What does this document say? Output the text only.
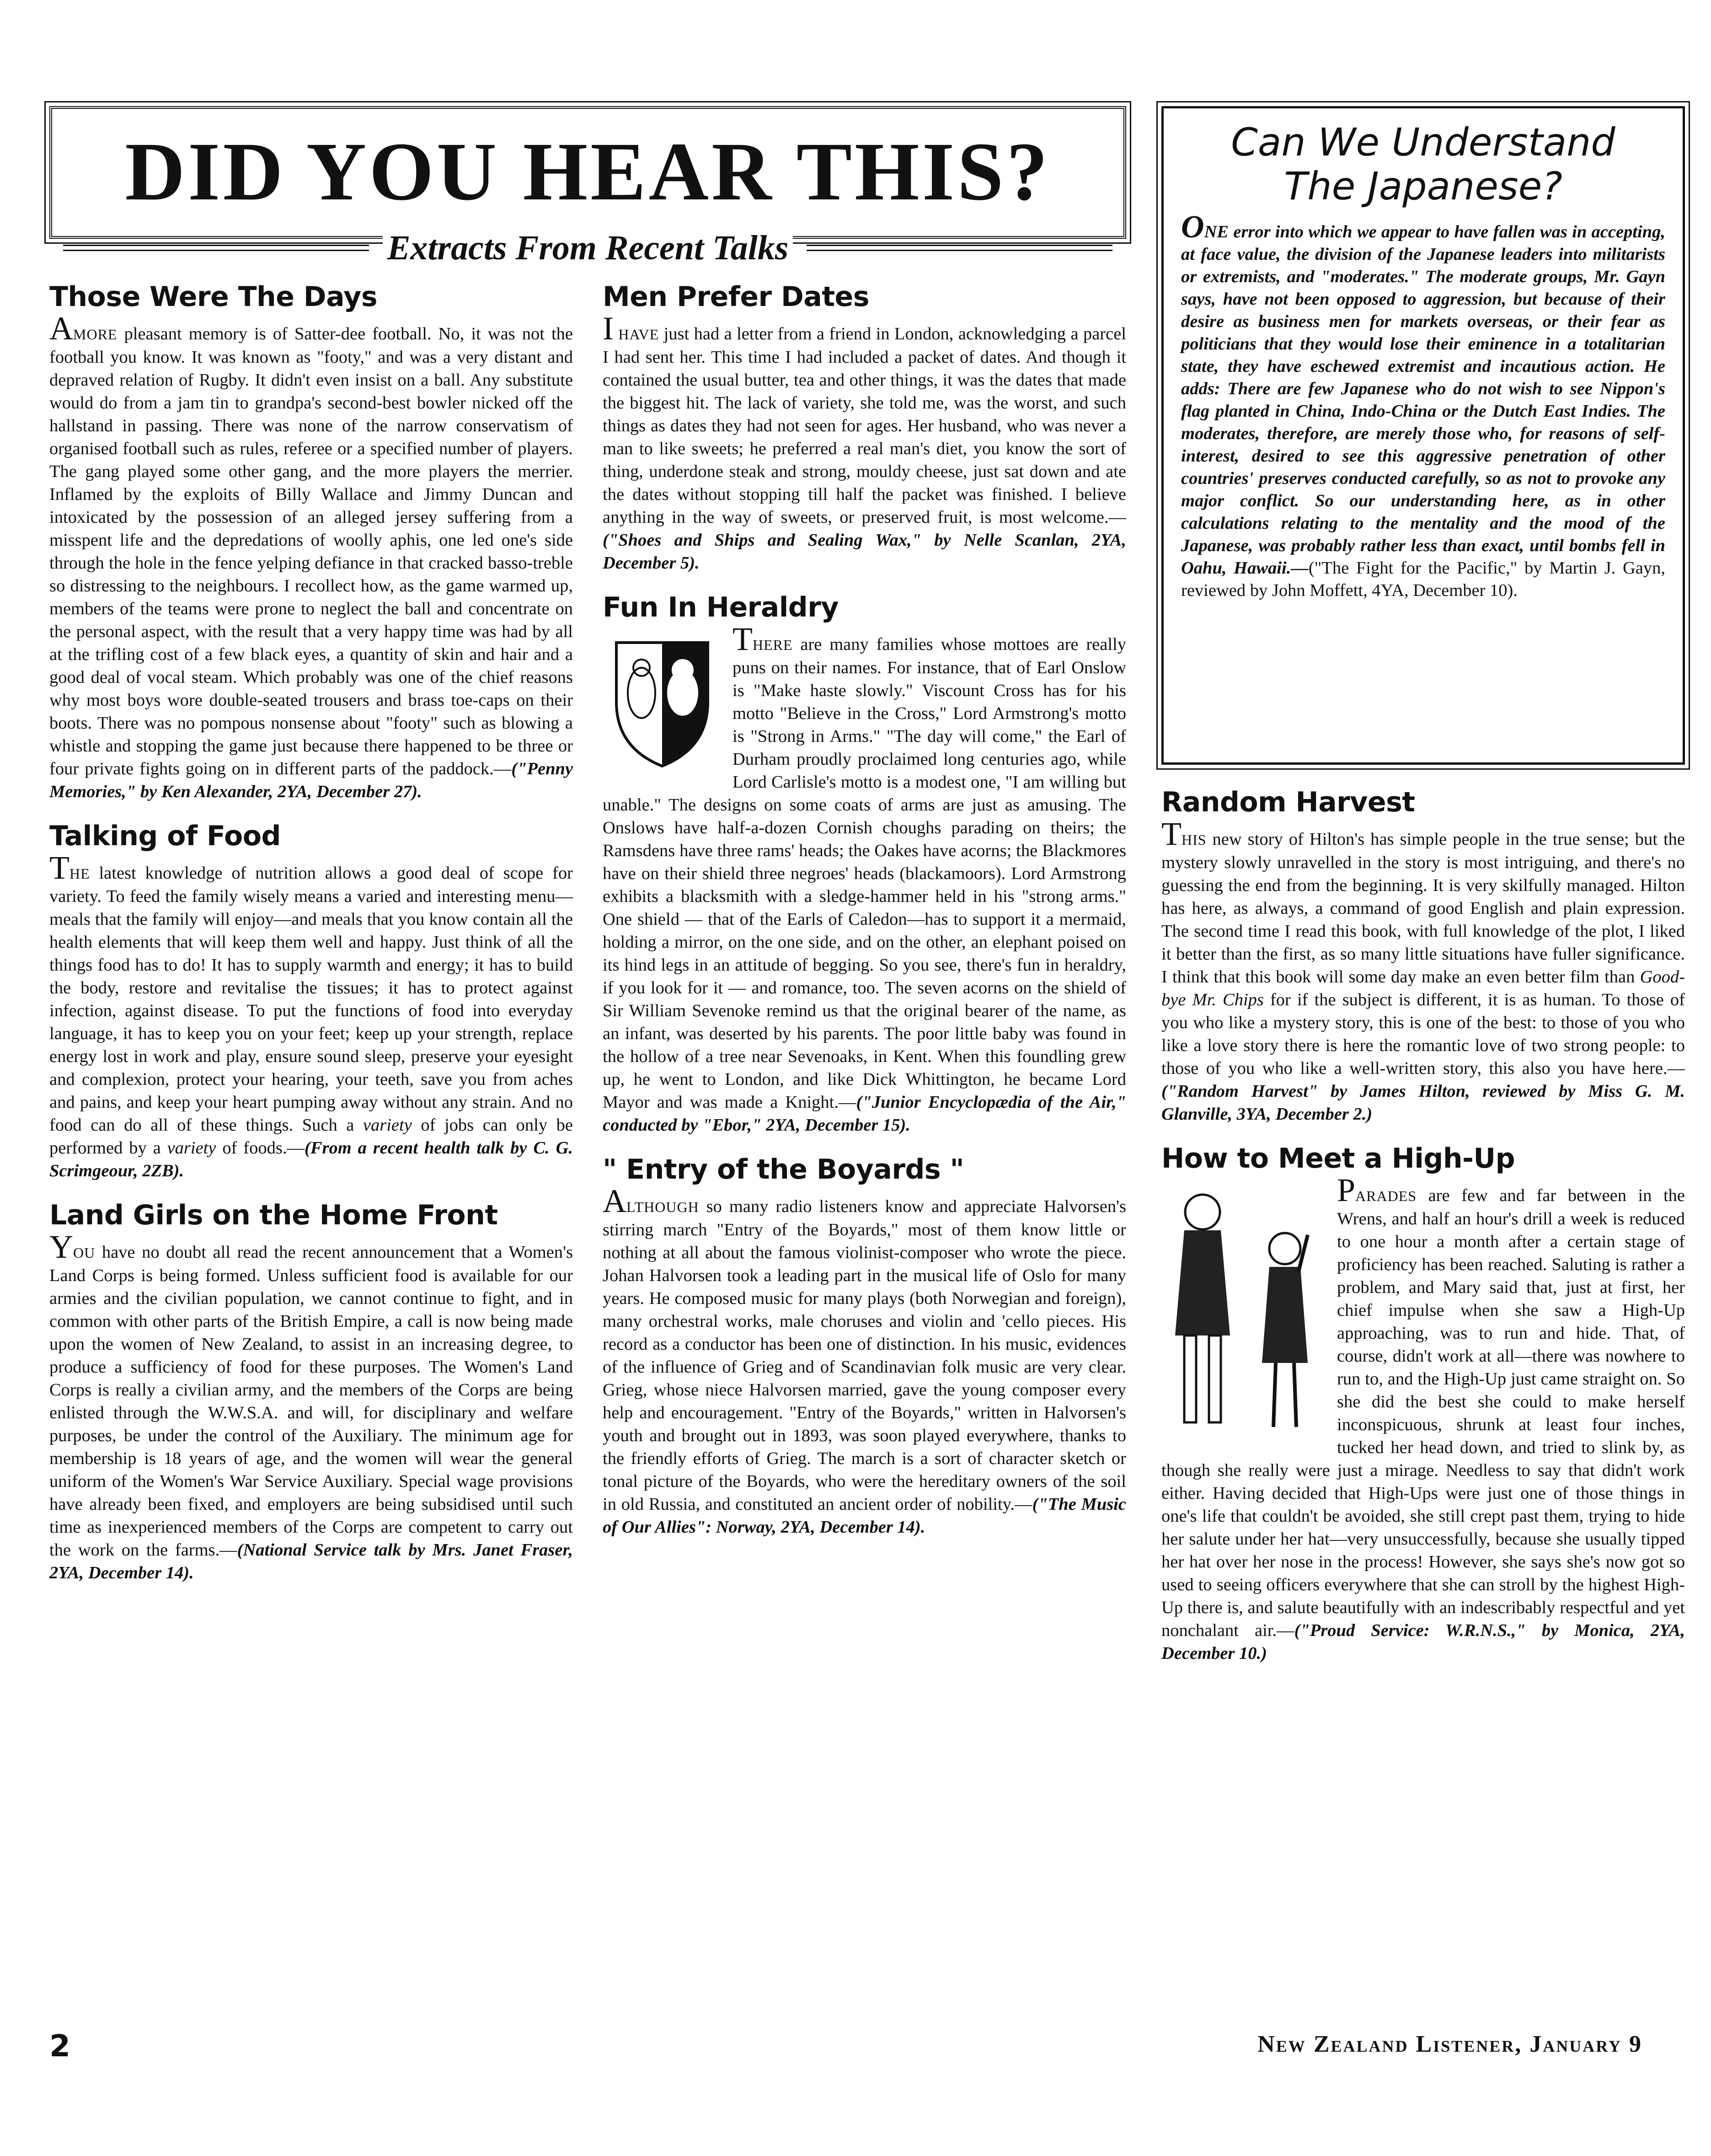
DID YOU HEAR THIS?
Extracts From Recent Talks
Can We Understand
The Japanese?
ONE error into which we appear to have fallen was in accepting, at face value, the division of the Japanese leaders into militarists or extremists, and "moderates." The moderate groups, Mr. Gayn says, have not been opposed to aggression, but because of their desire as business men for markets overseas, or their fear as politicians that they would lose their eminence in a totalitarian state, they have eschewed extremist and incautious action. He adds: There are few Japanese who do not wish to see Nippon's flag planted in China, Indo-China or the Dutch East Indies. The moderates, therefore, are merely those who, for reasons of self-interest, desired to see this aggressive penetration of other countries' preserves conducted carefully, so as not to provoke any major conflict. So our understanding here, as in other calculations relating to the mentality and the mood of the Japanese, was probably rather less than exact, until bombs fell in Oahu, Hawaii.—("The Fight for the Pacific," by Martin J. Gayn, reviewed by John Moffett, 4YA, December 10).
Those Were The Days
AMORE pleasant memory is of Satter-dee football. No, it was not the football you know. It was known as "footy," and was a very distant and depraved relation of Rugby. It didn't even insist on a ball. Any substitute would do from a jam tin to grandpa's second-best bowler nicked off the hallstand in passing. There was none of the narrow conservatism of organised football such as rules, referee or a specified number of players. The gang played some other gang, and the more players the merrier. Inflamed by the exploits of Billy Wallace and Jimmy Duncan and intoxicated by the possession of an alleged jersey suffering from a misspent life and the depredations of woolly aphis, one led one's side through the hole in the fence yelping defiance in that cracked basso-treble so distressing to the neighbours. I recollect how, as the game warmed up, members of the teams were prone to neglect the ball and concentrate on the personal aspect, with the result that a very happy time was had by all at the trifling cost of a few black eyes, a quantity of skin and hair and a good deal of vocal steam. Which probably was one of the chief reasons why most boys wore double-seated trousers and brass toe-caps on their boots. There was no pompous nonsense about "footy" such as blowing a whistle and stopping the game just because there happened to be three or four private fights going on in different parts of the paddock.—("Penny Memories," by Ken Alexander, 2YA, December 27).
Talking of Food
THE latest knowledge of nutrition allows a good deal of scope for variety. To feed the family wisely means a varied and interesting menu—meals that the family will enjoy—and meals that you know contain all the health elements that will keep them well and happy. Just think of all the things food has to do! It has to supply warmth and energy; it has to build the body, restore and revitalise the tissues; it has to protect against infection, against disease. To put the functions of food into everyday language, it has to keep you on your feet; keep up your strength, replace energy lost in work and play, ensure sound sleep, preserve your eyesight and complexion, protect your hearing, your teeth, save you from aches and pains, and keep your heart pumping away without any strain. And no food can do all of these things. Such a variety of jobs can only be performed by a variety of foods.—(From a recent health talk by C. G. Scrimgeour, 2ZB).
Land Girls on the Home Front
YOU have no doubt all read the recent announcement that a Women's Land Corps is being formed. Unless sufficient food is available for our armies and the civilian population, we cannot continue to fight, and in common with other parts of the British Empire, a call is now being made upon the women of New Zealand, to assist in an increasing degree, to produce a sufficiency of food for these purposes. The Women's Land Corps is really a civilian army, and the members of the Corps are being enlisted through the W.W.S.A. and will, for disciplinary and welfare purposes, be under the control of the Auxiliary. The minimum age for membership is 18 years of age, and the women will wear the general uniform of the Women's War Service Auxiliary. Special wage provisions have already been fixed, and employers are being subsidised until such time as inexperienced members of the Corps are competent to carry out the work on the farms.—(National Service talk by Mrs. Janet Fraser, 2YA, December 14).
Men Prefer Dates
I HAVE just had a letter from a friend in London, acknowledging a parcel I had sent her. This time I had included a packet of dates. And though it contained the usual butter, tea and other things, it was the dates that made the biggest hit. The lack of variety, she told me, was the worst, and such things as dates they had not seen for ages. Her husband, who was never a man to like sweets; he preferred a real man's diet, you know the sort of thing, underdone steak and strong, mouldy cheese, just sat down and ate the dates without stopping till half the packet was finished. I believe anything in the way of sweets, or preserved fruit, is most welcome.—("Shoes and Ships and Sealing Wax," by Nelle Scanlan, 2YA, December 5).
Fun In Heraldry
THERE are many families whose mottoes are really puns on their names. For instance, that of Earl Onslow is "Make haste slowly." Viscount Cross has for his motto "Believe in the Cross," Lord Armstrong's motto is "Strong in Arms." "The day will come," the Earl of Durham proudly proclaimed long centuries ago, while Lord Carlisle's motto is a modest one, "I am willing but unable." The designs on some coats of arms are just as amusing. The Onslows have half-a-dozen Cornish choughs parading on theirs; the Ramsdens have three rams' heads; the Oakes have acorns; the Blackmores have on their shield three negroes' heads (blackamoors). Lord Armstrong exhibits a blacksmith with a sledge-hammer held in his "strong arms." One shield — that of the Earls of Caledon—has to support it a mermaid, holding a mirror, on the one side, and on the other, an elephant poised on its hind legs in an attitude of begging. So you see, there's fun in heraldry, if you look for it — and romance, too. The seven acorns on the shield of Sir William Sevenoke remind us that the original bearer of the name, as an infant, was deserted by his parents. The poor little baby was found in the hollow of a tree near Sevenoaks, in Kent. When this foundling grew up, he went to London, and like Dick Whittington, he became Lord Mayor and was made a Knight.—("Junior Encyclopædia of the Air," conducted by "Ebor," 2YA, December 15).
" Entry of the Boyards "
ALTHOUGH so many radio listeners know and appreciate Halvorsen's stirring march "Entry of the Boyards," most of them know little or nothing at all about the famous violinist-composer who wrote the piece. Johan Halvorsen took a leading part in the musical life of Oslo for many years. He composed music for many plays (both Norwegian and foreign), many orchestral works, male choruses and violin and 'cello pieces. His record as a conductor has been one of distinction. In his music, evidences of the influence of Grieg and of Scandinavian folk music are very clear. Grieg, whose niece Halvorsen married, gave the young composer every help and encouragement. "Entry of the Boyards," written in Halvorsen's youth and brought out in 1893, was soon played everywhere, thanks to the friendly efforts of Grieg. The march is a sort of character sketch or tonal picture of the Boyards, who were the hereditary owners of the soil in old Russia, and constituted an ancient order of nobility.—("The Music of Our Allies": Norway, 2YA, December 14).
Random Harvest
THIS new story of Hilton's has simple people in the true sense; but the mystery slowly unravelled in the story is most intriguing, and there's no guessing the end from the beginning. It is very skilfully managed. Hilton has here, as always, a command of good English and plain expression. The second time I read this book, with full knowledge of the plot, I liked it better than the first, as so many little situations have fuller significance. I think that this book will some day make an even better film than Good-bye Mr. Chips for if the subject is different, it is as human. To those of you who like a mystery story, this is one of the best: to those of you who like a love story there is here the romantic love of two strong people: to those of you who like a well-written story, this also you have here.—("Random Harvest" by James Hilton, reviewed by Miss G. M. Glanville, 3YA, December 2.)
How to Meet a High-Up
PARADES are few and far between in the Wrens, and half an hour's drill a week is reduced to one hour a month after a certain stage of proficiency has been reached. Saluting is rather a problem, and Mary said that, just at first, her chief impulse when she saw a High-Up approaching, was to run and hide. That, of course, didn't work at all—there was nowhere to run to, and the High-Up just came straight on. So she did the best she could to make herself inconspicuous, shrunk at least four inches, tucked her head down, and tried to slink by, as though she really were just a mirage. Needless to say that didn't work either. Having decided that High-Ups were just one of those things in one's life that couldn't be avoided, she still crept past them, trying to hide her salute under her hat—very unsuccessfully, because she usually tipped her hat over her nose in the process! However, she says she's now got so used to seeing officers everywhere that she can stroll by the highest High-Up there is, and salute beautifully with an indescribably respectful and yet nonchalant air.—("Proud Service: W.R.N.S.," by Monica, 2YA, December 10.)
2	New Zealand Listener, January 9
